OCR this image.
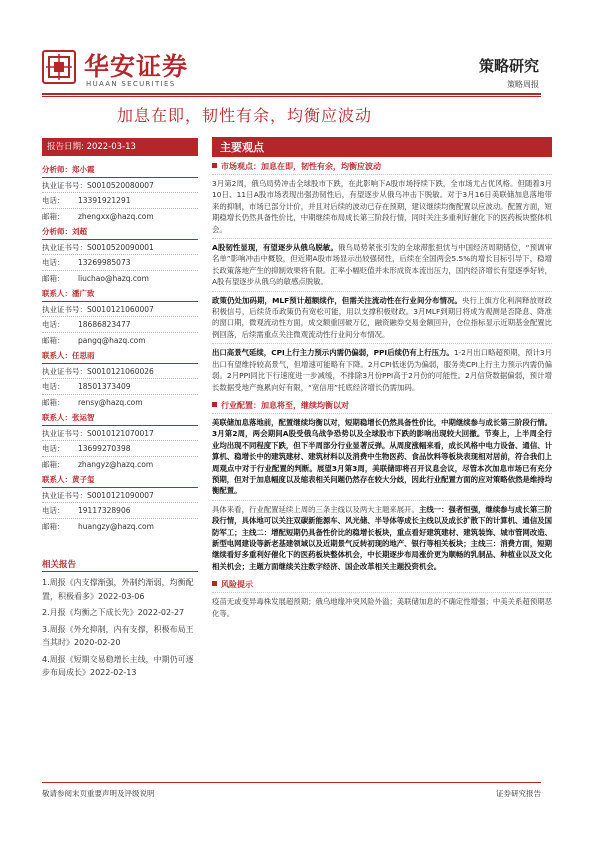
华安证券
HUAAN SECURITIES
策略研究
策略周报
加息在即，韧性有余，均衡应波动
报告日期: 2022-03-13
分析师：郑小霞
执业证书号：S0010520080007
电话： 13391921291
邮箱： zhengxx@hazq.com
分析师：刘超
执业证书号：S0010520090001
电话： 13269985073
邮箱： liuchao@hazq.com
联系人：潘广致
执业证书号：S0010121060007
电话： 18686823477
邮箱： pangq@hazq.com
联系人：任思雨
执业证书号：S0010121060026
电话： 18501373409
邮箱： rensy@hazq.com
联系人：张运智
执业证书号：S0010121070017
电话： 13699270398
邮箱： zhangyz@hazq.com
联系人：黄子玺
执业证书号：S0010121090007
电话： 19117328906
邮箱： huangzy@hazq.com
相关报告
1.周报《内支撑渐强，外制约渐弱，均衡配置，积极看多》2022-03-06
2.月报《均衡之下成长先》2022-02-27
3.周报《外允抑制，内有支撑，积极布局王当其时》2020-02-20
4.周报《短期交易稳增长主线，中期仍可逐步布局成长》2022-02-13
主要观点
市场观点：加息在即，韧性有余，均衡应波动

3月第2周，俄乌局势冲击全球股市下跌，在此影响下A股市场持续下跌，全市场尤占优风格。但随着3月10日、11日A股市场表现出强劲韧性后，有望逐步从俄乌冲击下脱敏。对于3月16日美联储加息落地带来的抑制，市场已部分计价，并且对后续的波动已存在预期，建议继续均衡配置以应波动。配置方面，短期稳增长仍然具备性价比，中期继续布局成长第三阶段行情，同时关注多重利好催化下的医药板块整体机会。

A股韧性显现，有望逐步从俄乌脱敏。俄乌局势紧张引发的全球滞胀担忧与中国经济周期错位，“预调审名单”影响冲击中概股，但近期A股市场显示出较强韧性，后续在全国两会5.5%的增长目标引导下，稳增长政策落地产生的抑制效果将有限。汇率小幅贬值并未形成资本流出压力，国内经济增长有望逐季好转，A股有望逐步从俄乌的敏感点脱敏。

政策仍处加码期，MLF预计超额续作，但需关注流动性在行业间分布情况。央行上旗方化利润释放财政积极信号，后续货币政策仍有宽松可能，用以支撑积极财政。3月MLF到期日将成为观测是否降息、降准的窗口期，微观流动性方面，成交额重回破万亿，融资融券交易金额回升，仓位指标显示近期基金配置比例回落，后续需重点关注微观流动性行业间分布情况。

出口高景气延续，CPI上行主力预示内需仍偏弱，PPI后续仍有上行压力。1-2月出口略超预期，预计3月出口有望维持较高景气，但增速可能略有下降。2月CPI低迷仍为偏弱，服务类CPI上行主力预示内需仍偏弱。2月PPI同比下行速度进一步减缓，不排除3月份PPI高于2月份的可能性。2月信贷数据偏弱，预计增长数据受地产拖累向好有限，“宽信用”托底经济增长仍需加码。

行业配置：加息将至，继续均衡以对

美联储加息落地前，配置继续均衡以对，短期稳增长仍然具备性价比，中期继续参与成长第三阶段行情。3月第2周，两会期间A股受俄乌战争恐势以及全球股市下跌的影响出现较大回撤。节奏上，上半周全行业均出现不同程度下跌，但下半周部分行业显著反弹。从周度涨幅来看，成长风格中电力设备、通信、计算机、稳增长中的建筑建材、建筑材料以及消费中生物医药、食品饮料等板块表现相对居前，符合我们上周观点中对于行业配置的判断。展望3月第3周，美联储即将召开议息会议，尽管本次加息市场已有充分预期，但对于加息幅度以及缩表相关问题仍然存在较大分歧，因此行业配置方面的应对策略依然是维持均衡配置。

具体来看，行业配置延续上周的三条主线以及两大主题来展开。主线一：强者恒强，继续参与成长第三阶段行情，具体地可以关注双碳新能源车、风光储、半导体等成长主线以及成长扩散下的计算机、通信及国防军工；主线二：增配短期仍具备性价比的稳增长板块，重点看好建筑建材、建筑装饰、城市管网改造、新型电网建设等新老基建领域以及近期景气反转初现的地产、银行等相关板块；主线三：消费方面，短期继续看好多重利好催化下的医药板块整体机会，中长期逐步布局涨价更为顺畅的乳制品、种植业以及文化相关机会；主题方面继续关注数字经济、国企改革相关主题投资机会。

风险提示

疫苗无或变异毒株发展超预期；俄乌地缘冲突风险外溢；美联储加息的不确定性增强；中美关系超预期恶化等。

敬请参阅末页重要声明及评级说明	证券研究报告
